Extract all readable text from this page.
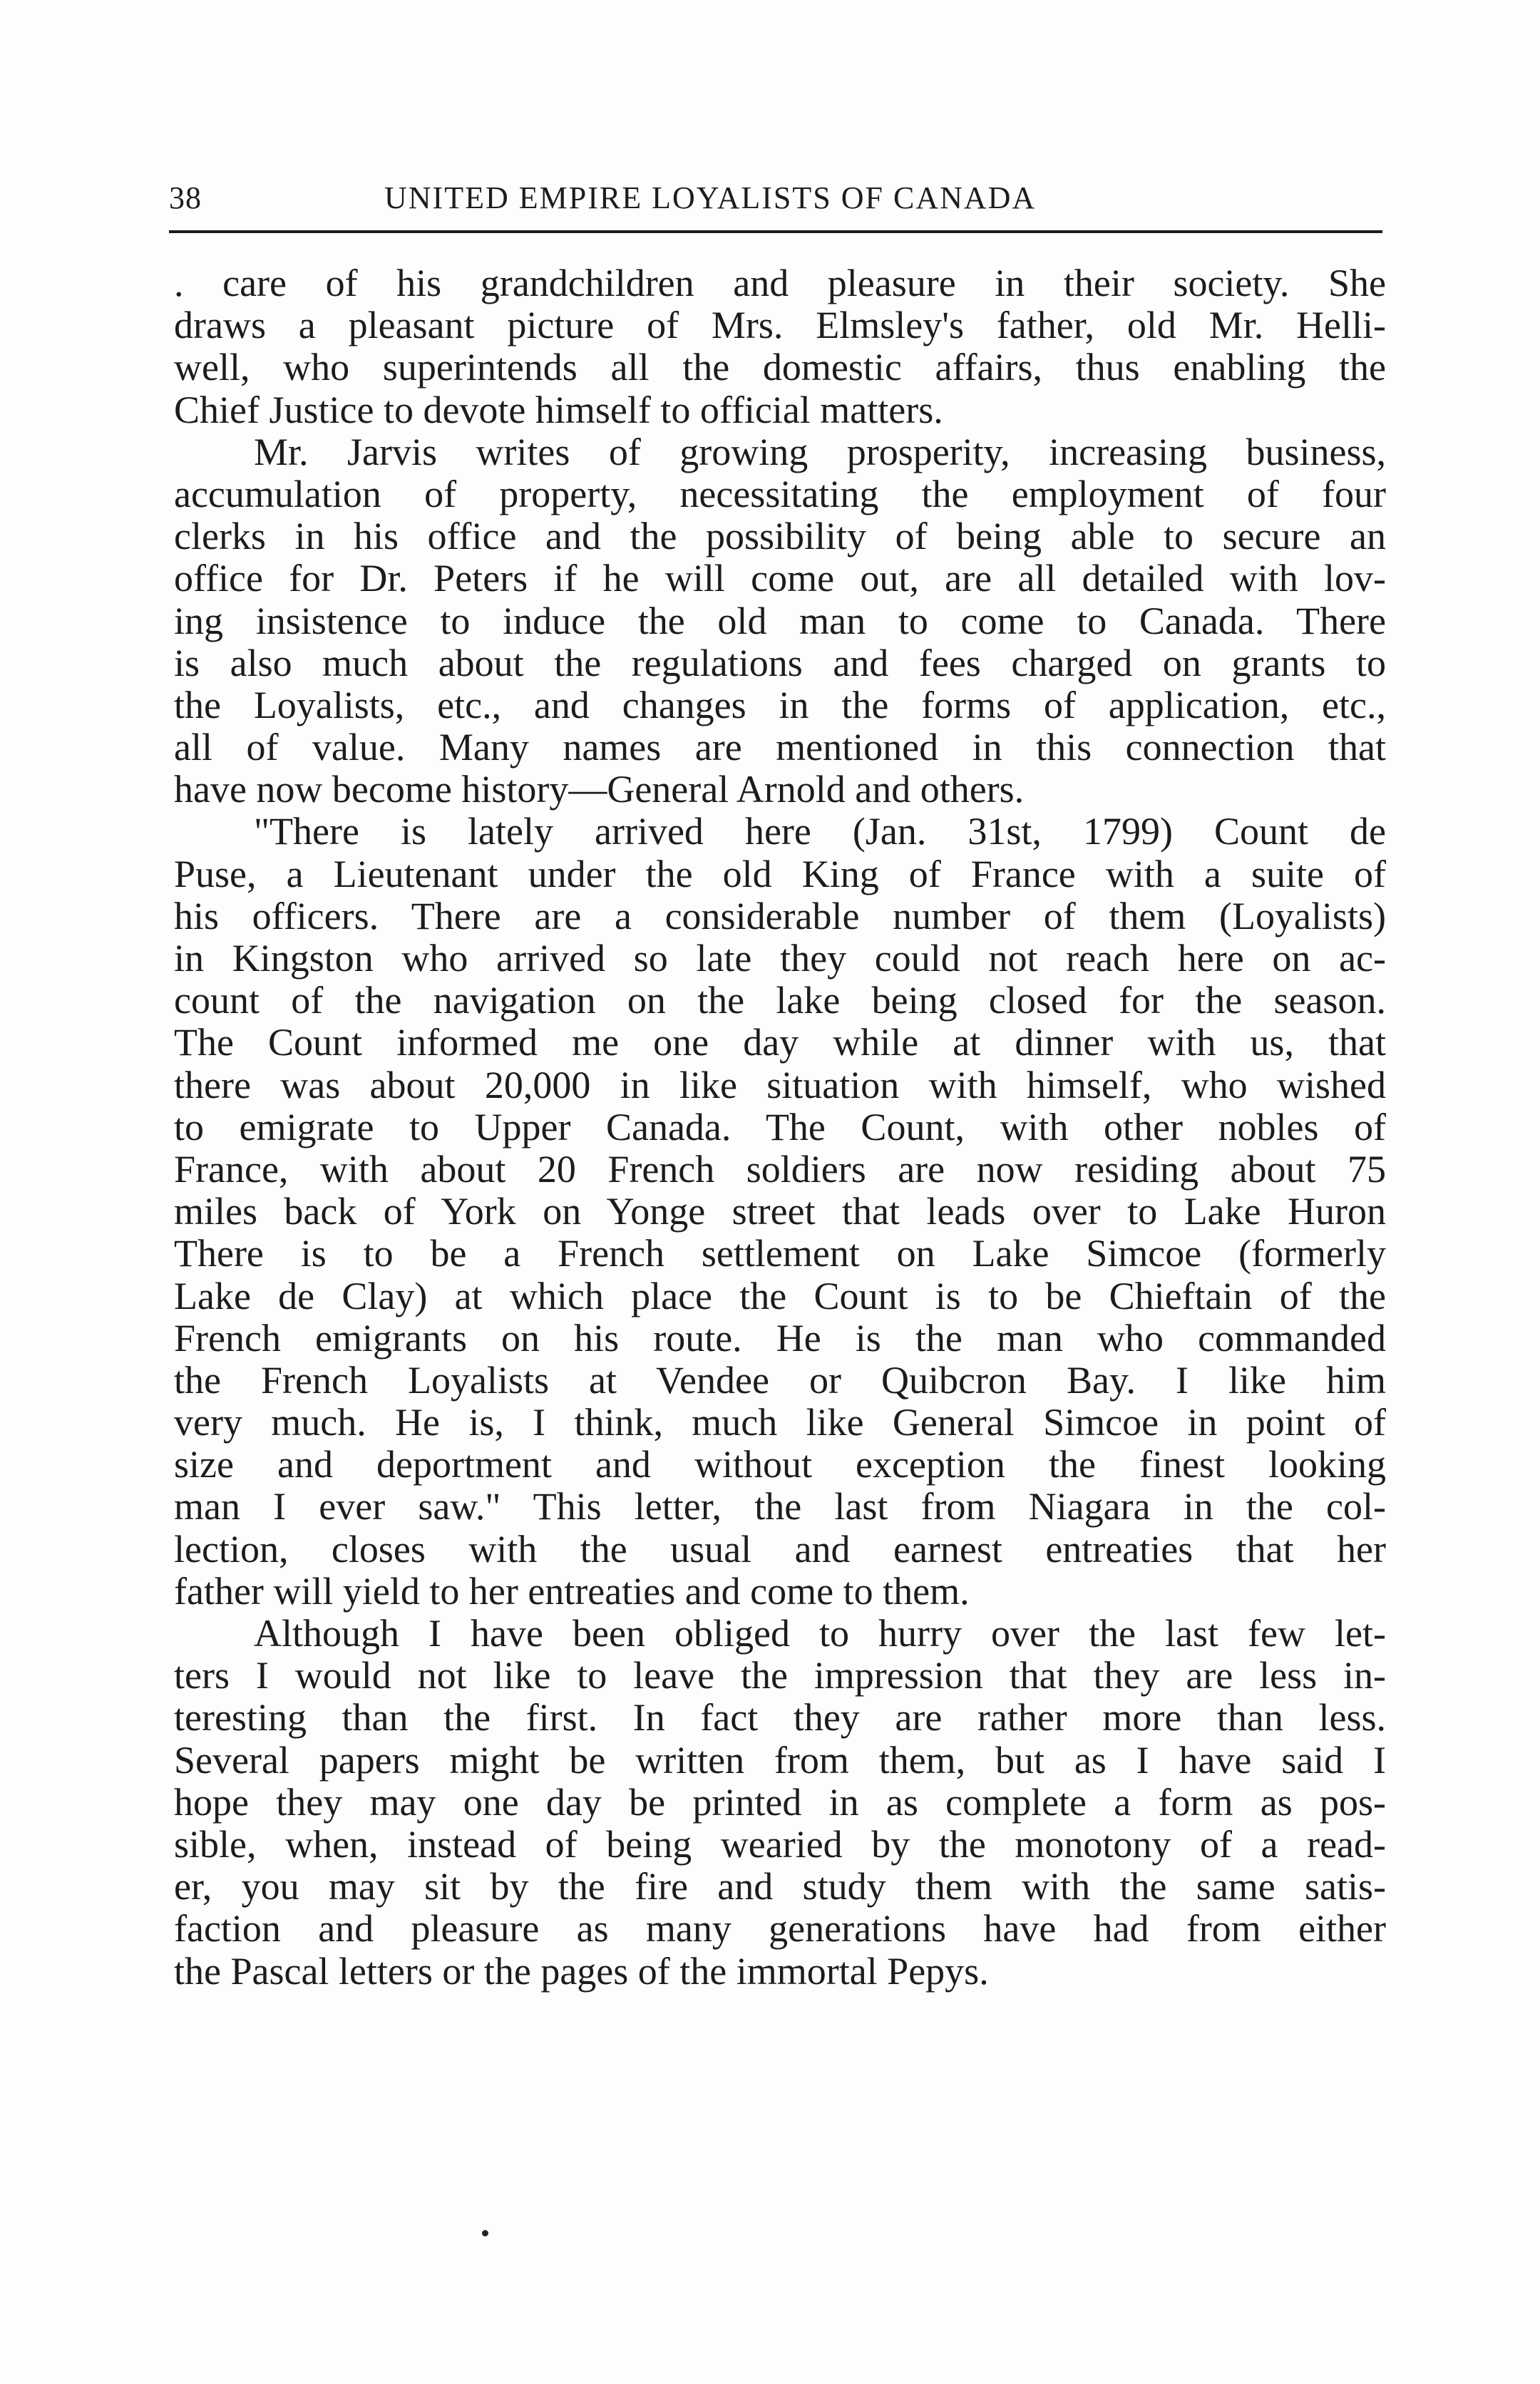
38	UNITED EMPIRE LOYALISTS OF CANADA
. care of his grandchildren and pleasure in their society. She
draws a pleasant picture of Mrs. Elmsley's father, old Mr. Helli-
well, who superintends all the domestic affairs, thus enabling the
Chief Justice to devote himself to official matters.
Mr. Jarvis writes of growing prosperity, increasing business,
accumulation of property, necessitating the employment of four
clerks in his office and the possibility of being able to secure an
office for Dr. Peters if he will come out, are all detailed with lov-
ing insistence to induce the old man to come to Canada. There
is also much about the regulations and fees charged on grants to
the Loyalists, etc., and changes in the forms of application, etc.,
all of value. Many names are mentioned in this connection that
have now become history—General Arnold and others.
"There is lately arrived here (Jan. 31st, 1799) Count de
Puse, a Lieutenant under the old King of France with a suite of
his officers. There are a considerable number of them (Loyalists)
in Kingston who arrived so late they could not reach here on ac-
count of the navigation on the lake being closed for the season.
The Count informed me one day while at dinner with us, that
there was about 20,000 in like situation with himself, who wished
to emigrate to Upper Canada. The Count, with other nobles of
France, with about 20 French soldiers are now residing about 75
miles back of York on Yonge street that leads over to Lake Huron
There is to be a French settlement on Lake Simcoe (formerly
Lake de Clay) at which place the Count is to be Chieftain of the
French emigrants on his route. He is the man who commanded
the French Loyalists at Vendee or Quibcron Bay. I like him
very much. He is, I think, much like General Simcoe in point of
size and deportment and without exception the finest looking
man I ever saw." This letter, the last from Niagara in the col-
lection, closes with the usual and earnest entreaties that her
father will yield to her entreaties and come to them.
Although I have been obliged to hurry over the last few let-
ters I would not like to leave the impression that they are less in-
teresting than the first. In fact they are rather more than less.
Several papers might be written from them, but as I have said I
hope they may one day be printed in as complete a form as pos-
sible, when, instead of being wearied by the monotony of a read-
er, you may sit by the fire and study them with the same satis-
faction and pleasure as many generations have had from either
the Pascal letters or the pages of the immortal Pepys.
